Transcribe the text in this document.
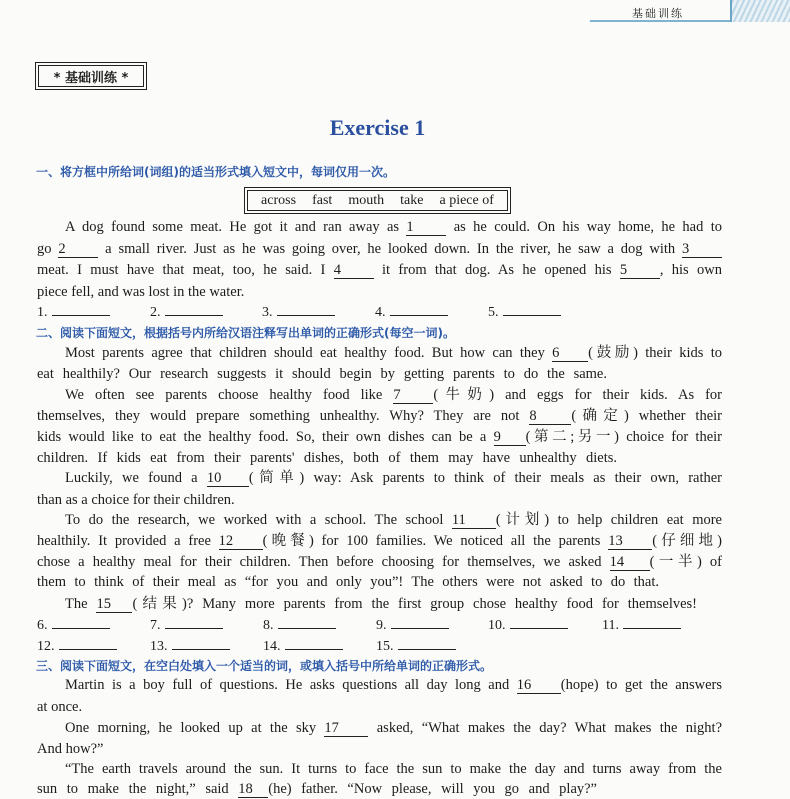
基础训练
* 基础训练 *
Exercise 1
一、将方框中所给词(词组)的适当形式填入短文中，每词仅用一次。
across fast mouth take a piece of
A dog found some meat. He got it and ran away as 1 as he could. On his way home, he had to
go 2 a small river. Just as he was going over, he looked down. In the river, he saw a dog with 3
meat. I must have that meat, too, he said. I 4 it from that dog. As he opened his 5 , his own
piece fell, and was lost in the water.
1.	2.	3.	4.	5.
二、阅读下面短文，根据括号内所给汉语注释写出单词的正确形式(每空一词)。
Most parents agree that children should eat healthy food. But how can they 6 (鼓励) their kids to
eat healthily? Our research suggests it should begin by getting parents to do the same.
We often see parents choose healthy food like 7 (牛奶) and eggs for their kids. As for
themselves, they would prepare something unhealthy. Why? They are not 8 (确定) whether their
kids would like to eat the healthy food. So, their own dishes can be a 9 (第二;另一) choice for their
children. If kids eat from their parents' dishes, both of them may have unhealthy diets.
Luckily, we found a 10 (简单) way: Ask parents to think of their meals as their own, rather
than as a choice for their children.
To do the research, we worked with a school. The school 11 (计划) to help children eat more
healthily. It provided a free 12 (晚餐) for 100 families. We noticed all the parents 13 (仔细地)
chose a healthy meal for their children. Then before choosing for themselves, we asked 14 (一半) of
them to think of their meal as “for you and only you”! The others were not asked to do that.
The 15 (结果)? Many more parents from the first group chose healthy food for themselves!
6.	7.	8.	9.	10.	11.
12.	13.	14.	15.
三、阅读下面短文，在空白处填入一个适当的词，或填入括号中所给单词的正确形式。
Martin is a boy full of questions. He asks questions all day long and 16 (hope) to get the answers
at once.
One morning, he looked up at the sky 17 asked, “What makes the day? What makes the night?
And how?”
“The earth travels around the sun. It turns to face the sun to make the day and turns away from the
sun to make the night,” said 18 (he) father. “Now please, will you go and play?”
